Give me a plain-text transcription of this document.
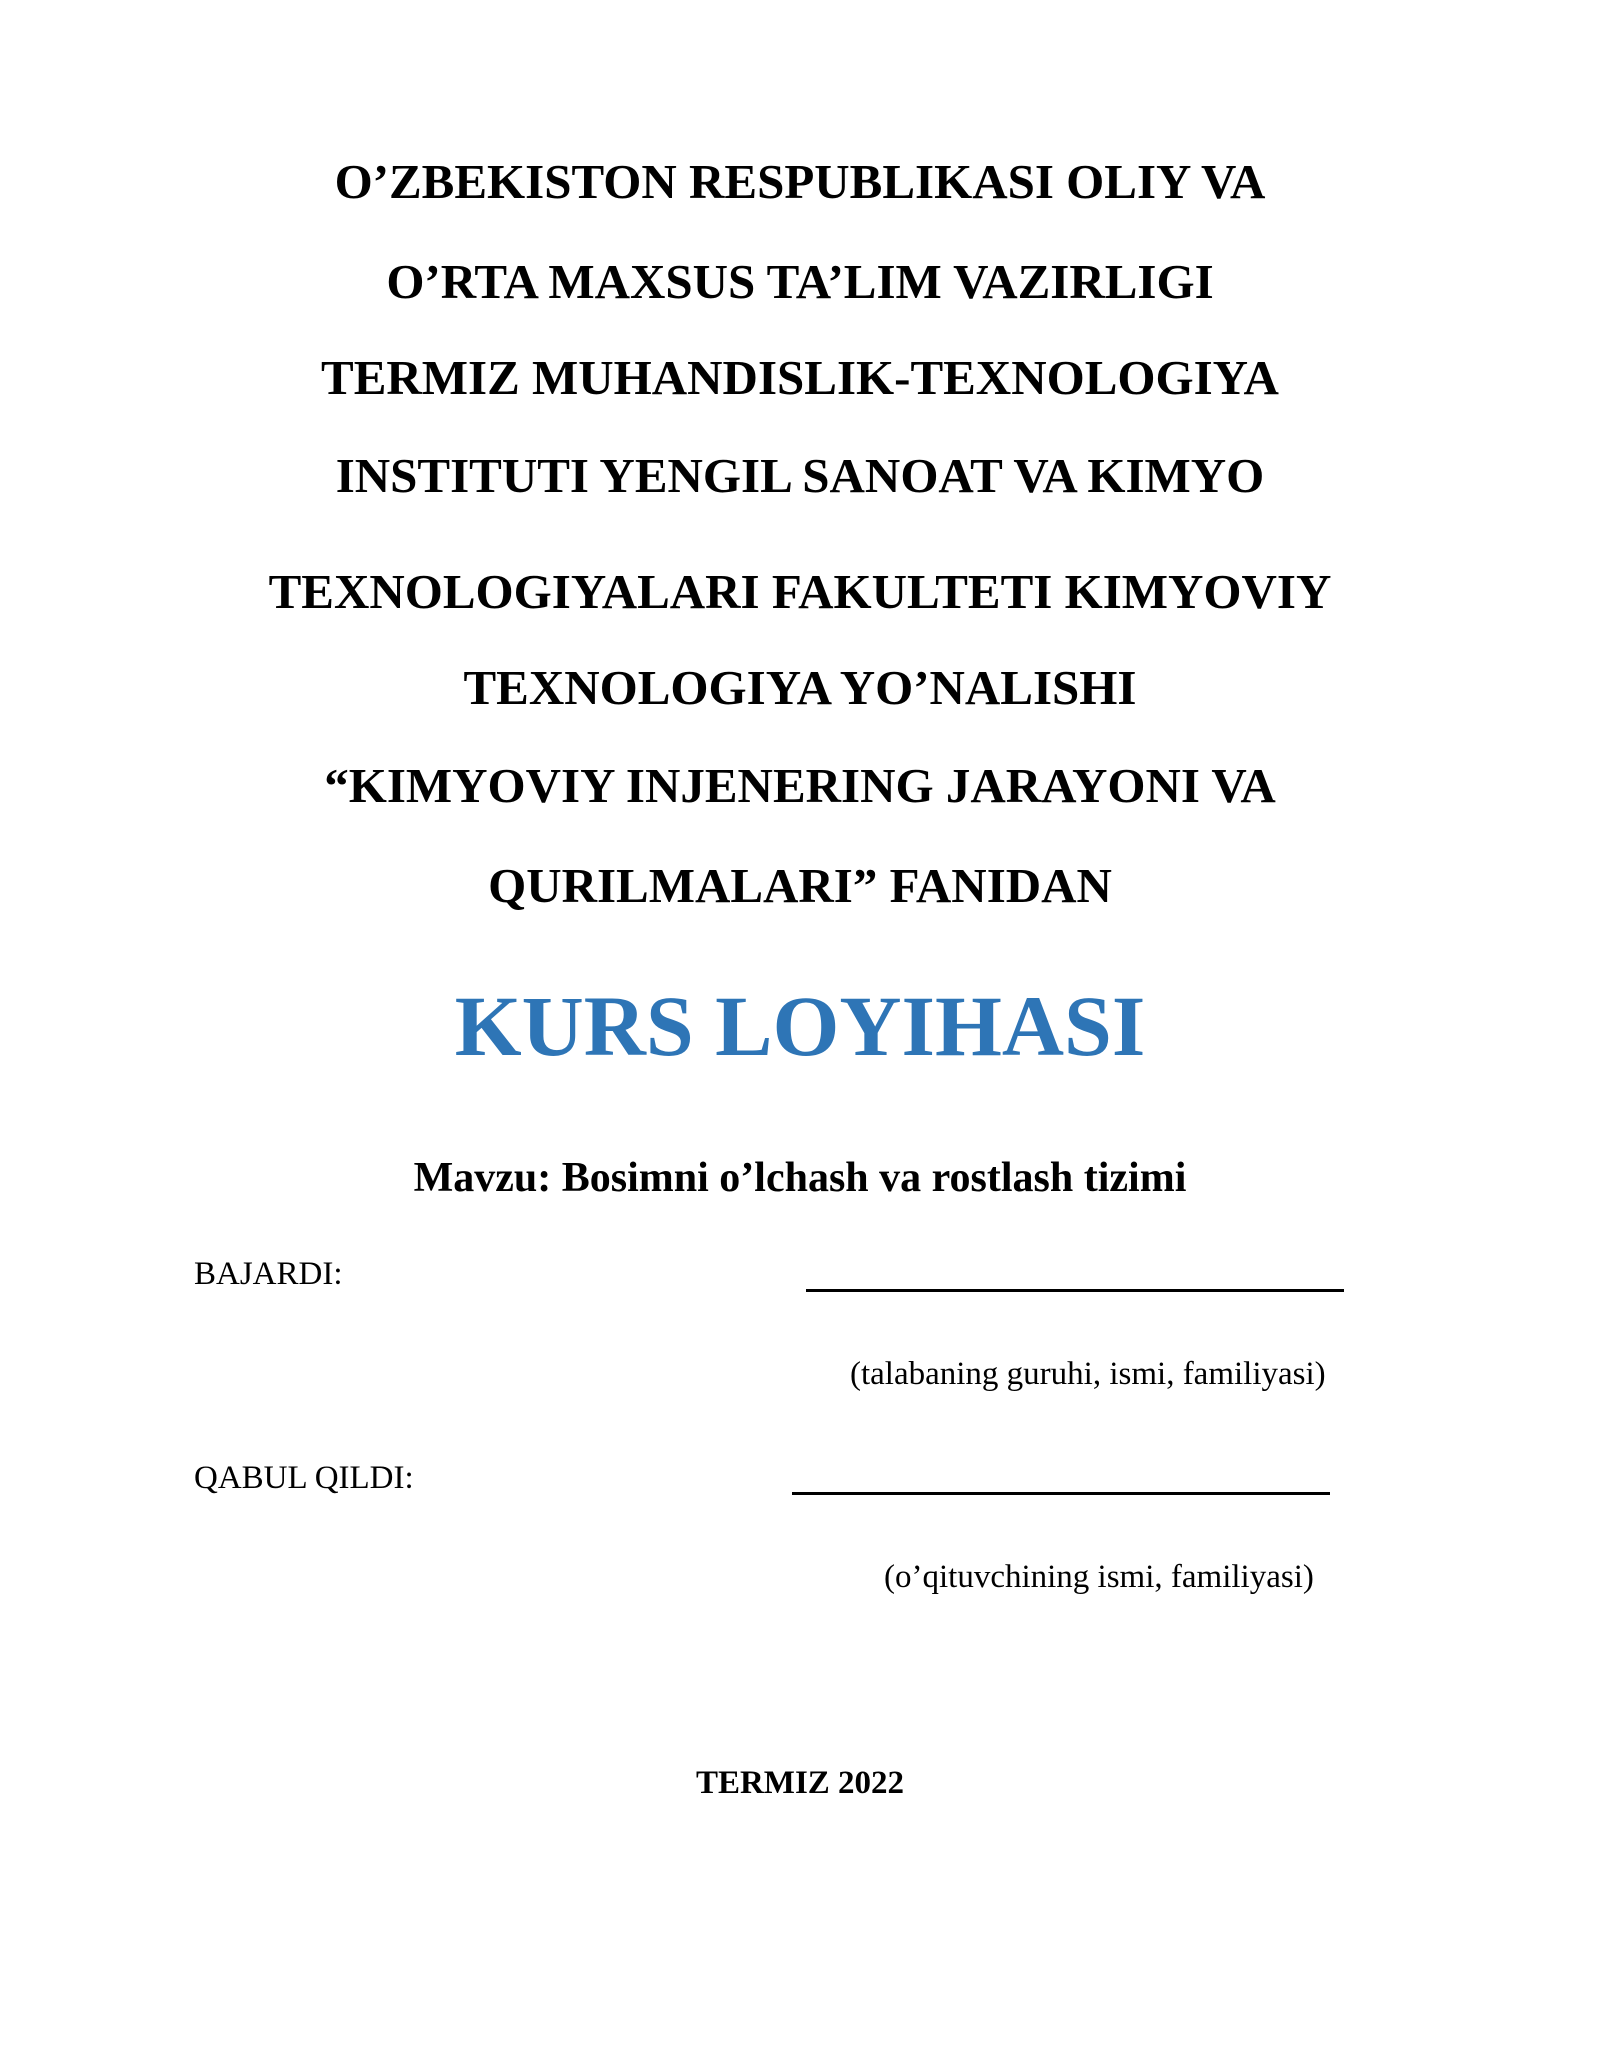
O’ZBEKISTON RESPUBLIKASI OLIY VA
O’RTA MAXSUS TA’LIM VAZIRLIGI
TERMIZ MUHANDISLIK-TEXNOLOGIYA
INSTITUTI YENGIL SANOAT VA KIMYO
TEXNOLOGIYALARI FAKULTETI KIMYOVIY
TEXNOLOGIYA YO’NALISHI
“KIMYOVIY INJENERING JARAYONI VA
QURILMALARI” FANIDAN
KURS LOYIHASI
Mavzu: Bosimni o’lchash va rostlash tizimi
BAJARDI:
(talabaning guruhi, ismi, familiyasi)
QABUL QILDI:
(o’qituvchining ismi, familiyasi)
TERMIZ 2022
